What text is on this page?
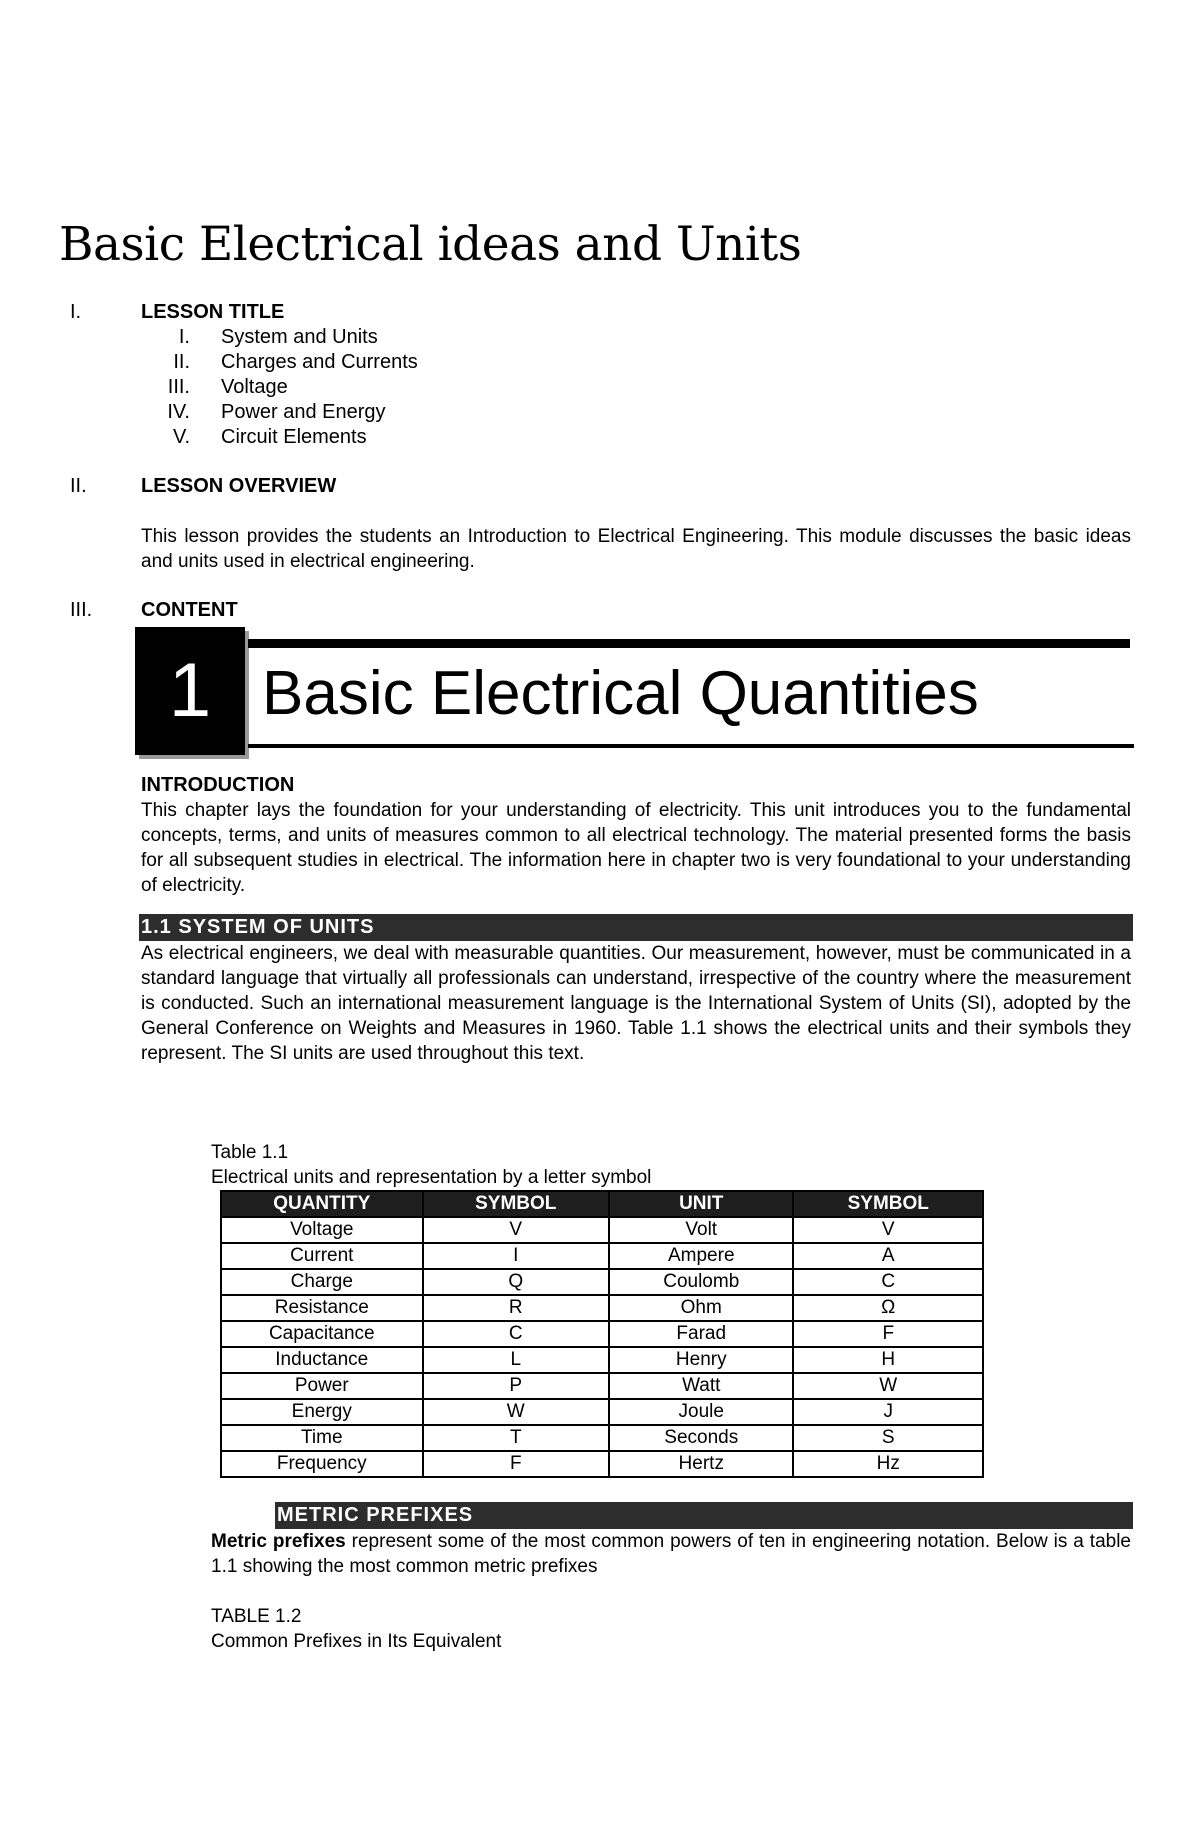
Basic Electrical ideas and Units
I.	LESSON TITLE
I. System and Units
II. Charges and Currents
III. Voltage
IV. Power and Energy
V. Circuit Elements
II.	LESSON OVERVIEW

This lesson provides the students an Introduction to Electrical Engineering. This module discusses the basic ideas and units used in electrical engineering.

III. CONTENT
1 Basic Electrical Quantities
INTRODUCTION

This chapter lays the foundation for your understanding of electricity. This unit introduces you to the fundamental concepts, terms, and units of measures common to all electrical technology. The material presented forms the basis for all subsequent studies in electrical. The information here in chapter two is very foundational to your understanding of electricity.

1.1 SYSTEM OF UNITS

As electrical engineers, we deal with measurable quantities. Our measurement, however, must be communicated in a standard language that virtually all professionals can understand, irrespective of the country where the measurement is conducted. Such an international measurement language is the International System of Units (SI), adopted by the General Conference on Weights and Measures in 1960. Table 1.1 shows the electrical units and their symbols they represent. The SI units are used throughout this text.

Table 1.1
Electrical units and representation by a letter symbol
QUANTITY	SYMBOL	UNIT	SYMBOL
Voltage	V	Volt	V
Current	I	Ampere	A
Charge	Q	Coulomb	C
Resistance	R	Ohm	Ω
Capacitance	C	Farad	F
Inductance	L	Henry	H
Power	P	Watt	W
Energy	W	Joule	J
Time	T	Seconds	S
Frequency	F	Hertz	Hz
METRIC PREFIXES

Metric prefixes represent some of the most common powers of ten in engineering notation. Below is a table 1.1 showing the most common metric prefixes

TABLE 1.2
Common Prefixes in Its Equivalent
